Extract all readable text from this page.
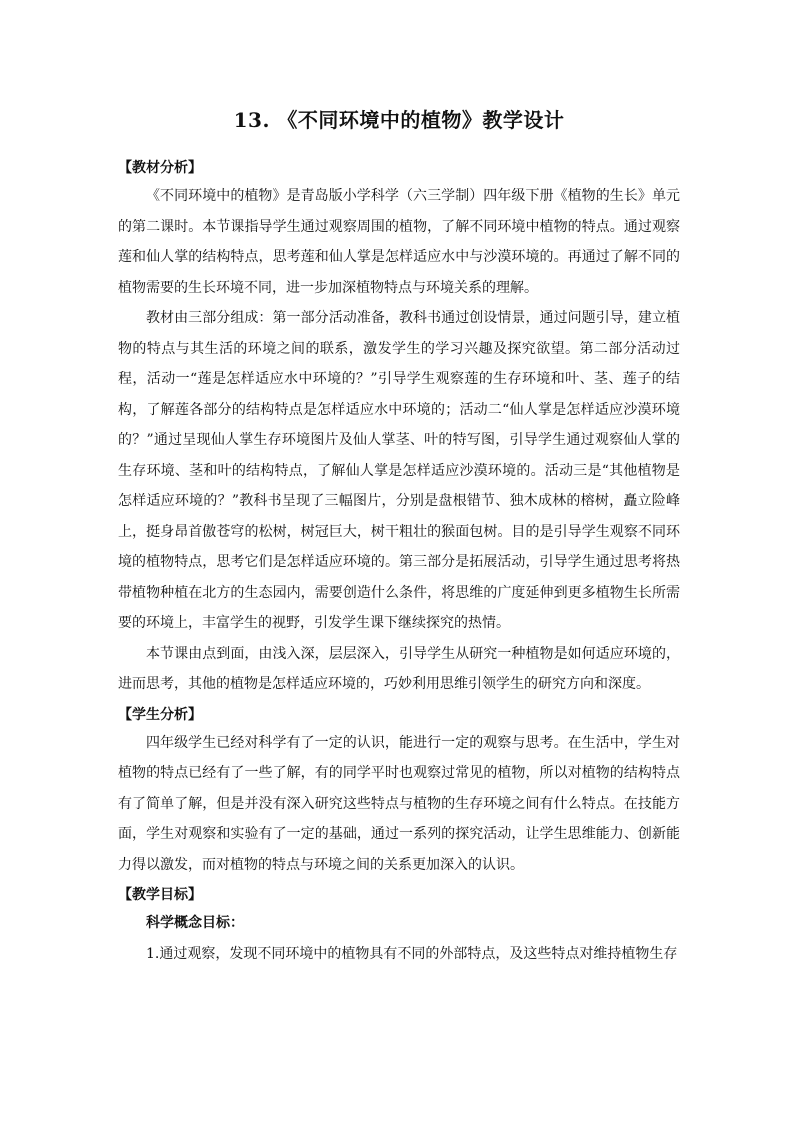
13. 《不同环境中的植物》教学设计

【教材分析】

《不同环境中的植物》是青岛版小学科学（六三学制）四年级下册《植物的生长》单元的第二课时。本节课指导学生通过观察周围的植物，了解不同环境中植物的特点。通过观察莲和仙人掌的结构特点，思考莲和仙人掌是怎样适应水中与沙漠环境的。再通过了解不同的植物需要的生长环境不同，进一步加深植物特点与环境关系的理解。

教材由三部分组成：第一部分活动准备，教科书通过创设情景，通过问题引导，建立植物的特点与其生活的环境之间的联系，激发学生的学习兴趣及探究欲望。第二部分活动过程，活动一“莲是怎样适应水中环境的？”引导学生观察莲的生存环境和叶、茎、莲子的结构，了解莲各部分的结构特点是怎样适应水中环境的；活动二“仙人掌是怎样适应沙漠环境的？”通过呈现仙人掌生存环境图片及仙人掌茎、叶的特写图，引导学生通过观察仙人掌的生存环境、茎和叶的结构特点，了解仙人掌是怎样适应沙漠环境的。活动三是“其他植物是怎样适应环境的？”教科书呈现了三幅图片，分别是盘根错节、独木成林的榕树，矗立险峰上，挺身昂首傲苍穹的松树，树冠巨大，树干粗壮的猴面包树。目的是引导学生观察不同环境的植物特点，思考它们是怎样适应环境的。第三部分是拓展活动，引导学生通过思考将热带植物种植在北方的生态园内，需要创造什么条件，将思维的广度延伸到更多植物生长所需要的环境上，丰富学生的视野，引发学生课下继续探究的热情。

本节课由点到面，由浅入深，层层深入，引导学生从研究一种植物是如何适应环境的，进而思考，其他的植物是怎样适应环境的，巧妙利用思维引领学生的研究方向和深度。

【学生分析】

四年级学生已经对科学有了一定的认识，能进行一定的观察与思考。在生活中，学生对植物的特点已经有了一些了解，有的同学平时也观察过常见的植物，所以对植物的结构特点有了简单了解，但是并没有深入研究这些特点与植物的生存环境之间有什么特点。在技能方面，学生对观察和实验有了一定的基础，通过一系列的探究活动，让学生思维能力、创新能力得以激发，而对植物的特点与环境之间的关系更加深入的认识。

【教学目标】

科学概念目标：

1.通过观察，发现不同环境中的植物具有不同的外部特点，及这些特点对维持植物生存
